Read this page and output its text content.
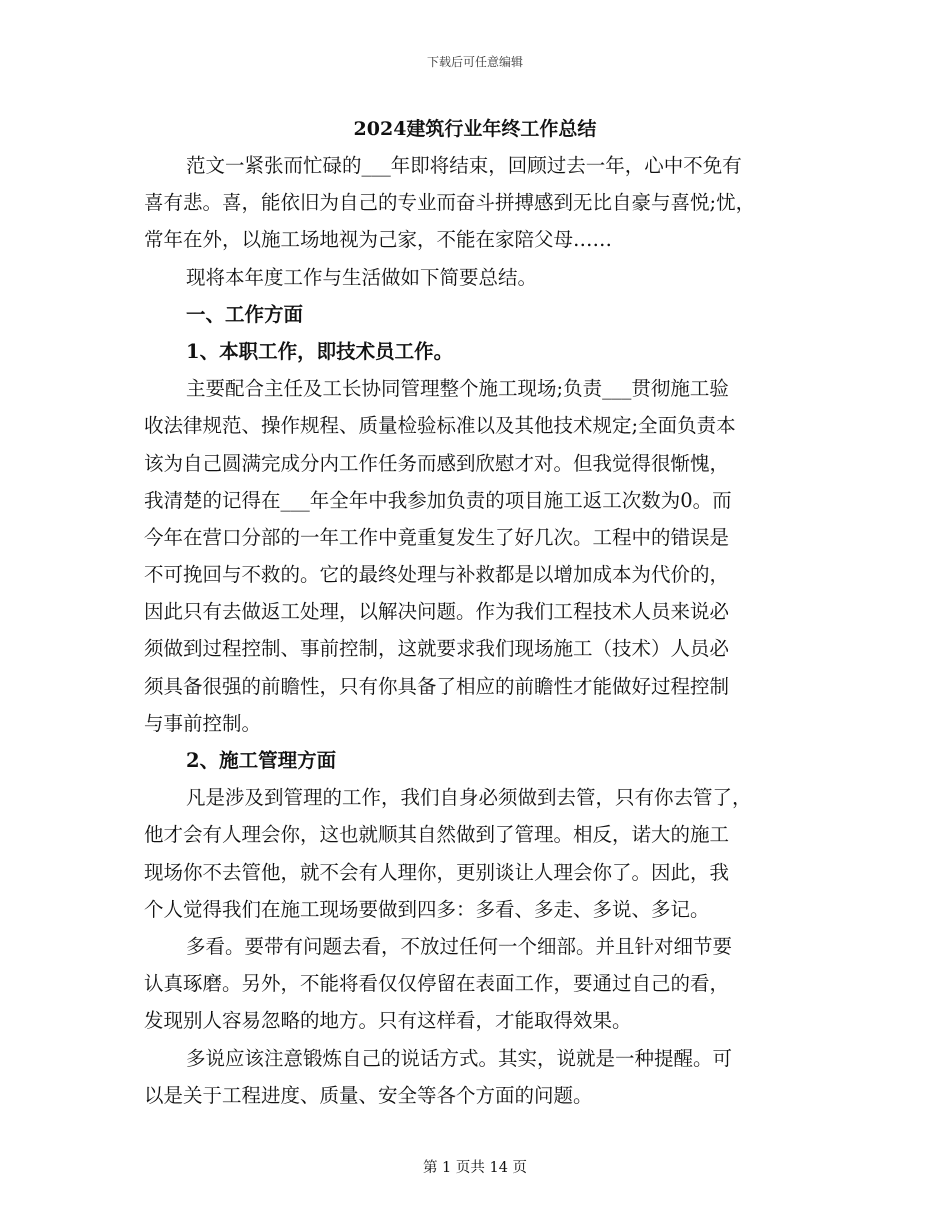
下载后可任意编辑
2024建筑行业年终工作总结
范文一紧张而忙碌的___年即将结束，回顾过去一年，心中不免有
喜有悲。喜，能依旧为自己的专业而奋斗拼搏感到无比自豪与喜悦;忧，
常年在外，以施工场地视为己家，不能在家陪父母……
现将本年度工作与生活做如下简要总结。
一、工作方面
1、本职工作，即技术员工作。
主要配合主任及工长协同管理整个施工现场;负责___贯彻施工验
收法律规范、操作规程、质量检验标准以及其他技术规定;全面负责本
该为自己圆满完成分内工作任务而感到欣慰才对。但我觉得很惭愧，
我清楚的记得在___年全年中我参加负责的项目施工返工次数为0。而
今年在营口分部的一年工作中竟重复发生了好几次。工程中的错误是
不可挽回与不救的。它的最终处理与补救都是以增加成本为代价的，
因此只有去做返工处理，以解决问题。作为我们工程技术人员来说必
须做到过程控制、事前控制，这就要求我们现场施工（技术）人员必
须具备很强的前瞻性，只有你具备了相应的前瞻性才能做好过程控制
与事前控制。
2、施工管理方面
凡是涉及到管理的工作，我们自身必须做到去管，只有你去管了，
他才会有人理会你，这也就顺其自然做到了管理。相反，诺大的施工
现场你不去管他，就不会有人理你，更别谈让人理会你了。因此，我
个人觉得我们在施工现场要做到四多：多看、多走、多说、多记。
多看。要带有问题去看，不放过任何一个细部。并且针对细节要
认真琢磨。另外，不能将看仅仅停留在表面工作，要通过自己的看，
发现别人容易忽略的地方。只有这样看，才能取得效果。
多说应该注意锻炼自己的说话方式。其实，说就是一种提醒。可
以是关于工程进度、质量、安全等各个方面的问题。
第 1 页共 14 页
